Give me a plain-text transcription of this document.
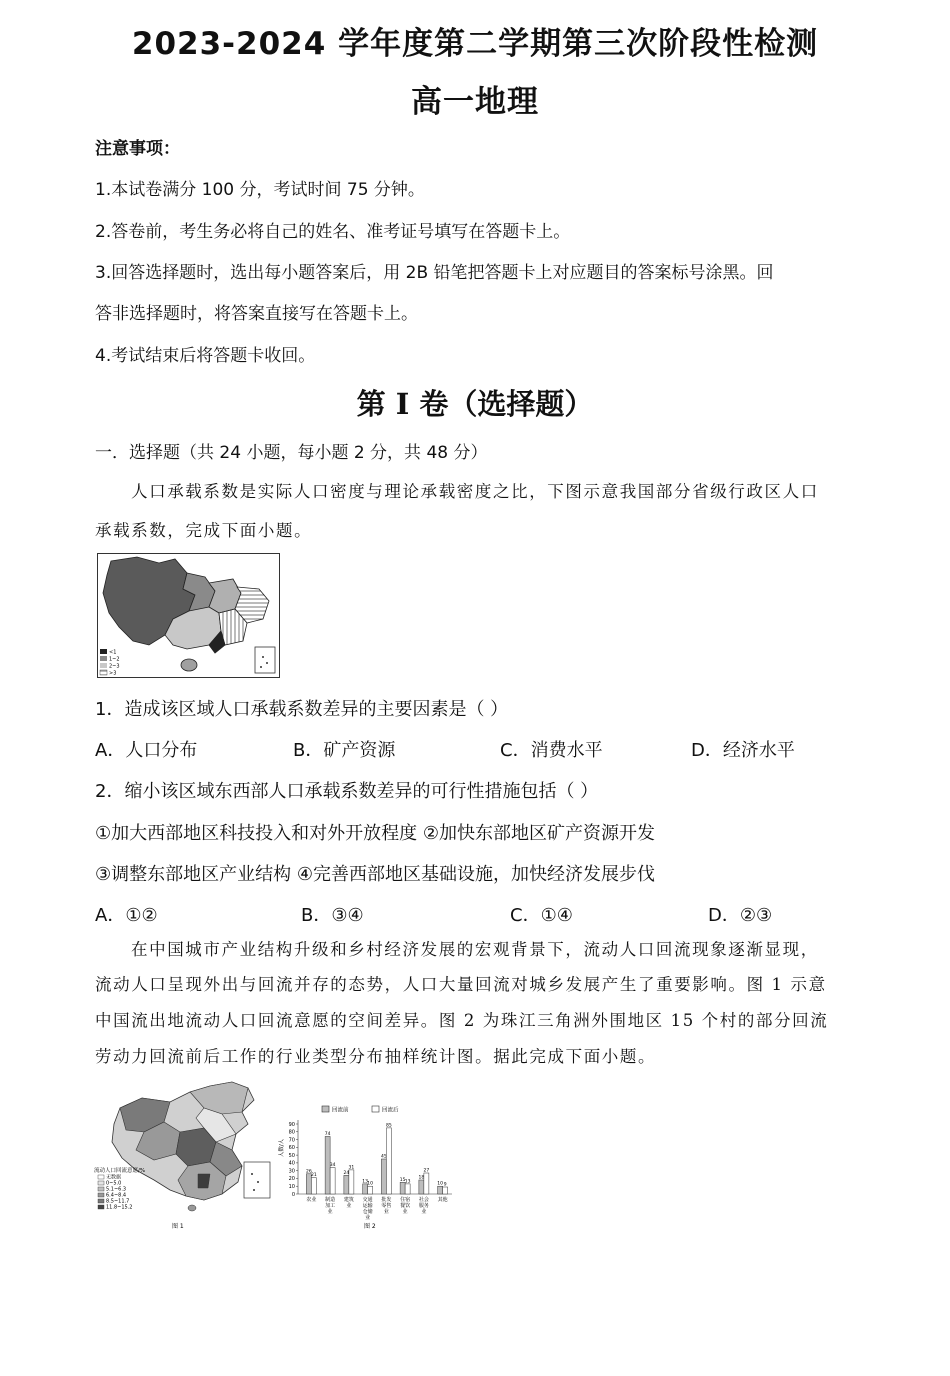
2023-2024 学年度第二学期第三次阶段性检测
高一地理
注意事项：
1.本试卷满分 100 分，考试时间 75 分钟。
2.答卷前，考生务必将自己的姓名、准考证号填写在答题卡上。
3.回答选择题时，选出每小题答案后，用 2B 铅笔把答题卡上对应题目的答案标号涂黑。回
答非选择题时，将答案直接写在答题卡上。
4.考试结束后将答题卡收回。
第 I 卷（选择题）
一．选择题（共 24 小题，每小题 2 分，共 48 分）
人口承载系数是实际人口密度与理论承载密度之比，下图示意我国部分省级行政区人口
承载系数，完成下面小题。
<1
1~2
2~3
>3
1．造成该区域人口承载系数差异的主要因素是（ ）
A．人口分布	B．矿产资源	C．消费水平	D．经济水平
2．缩小该区域东西部人口承载系数差异的可行性措施包括（ ）
①加大西部地区科技投入和对外开放程度 ②加快东部地区矿产资源开发
③调整东部地区产业结构 ④完善西部地区基础设施，加快经济发展步伐
A．①②	B．③④	C．①④	D．②③
在中国城市产业结构升级和乡村经济发展的宏观背景下，流动人口回流现象逐渐显现，
流动人口呈现外出与回流并存的态势，人口大量回流对城乡发展产生了重要影响。图 1 示意
中国流出地流动人口回流意愿的空间差异。图 2 为珠江三角洲外围地区 15 个村的部分回流
劳动力回流前后工作的行业类型分布抽样统计图。据此完成下面小题。
流动人口回流意愿/%
无数据
0~5.0
5.1~6.3
6.4~8.4
8.5~11.7
11.8~15.2
图 1
回流前	回流后
0
10
20
30
40
50
60
70
80
90
人数/人
26
21
农业
74
34
制造
加工
业
24
31
建筑
业
13 10
交通
运输
仓储
业
45
85
批发
零售
业
15 13
住宿
餐饮
业
18
27
社会
服务
业
10 9
其他
图 2
